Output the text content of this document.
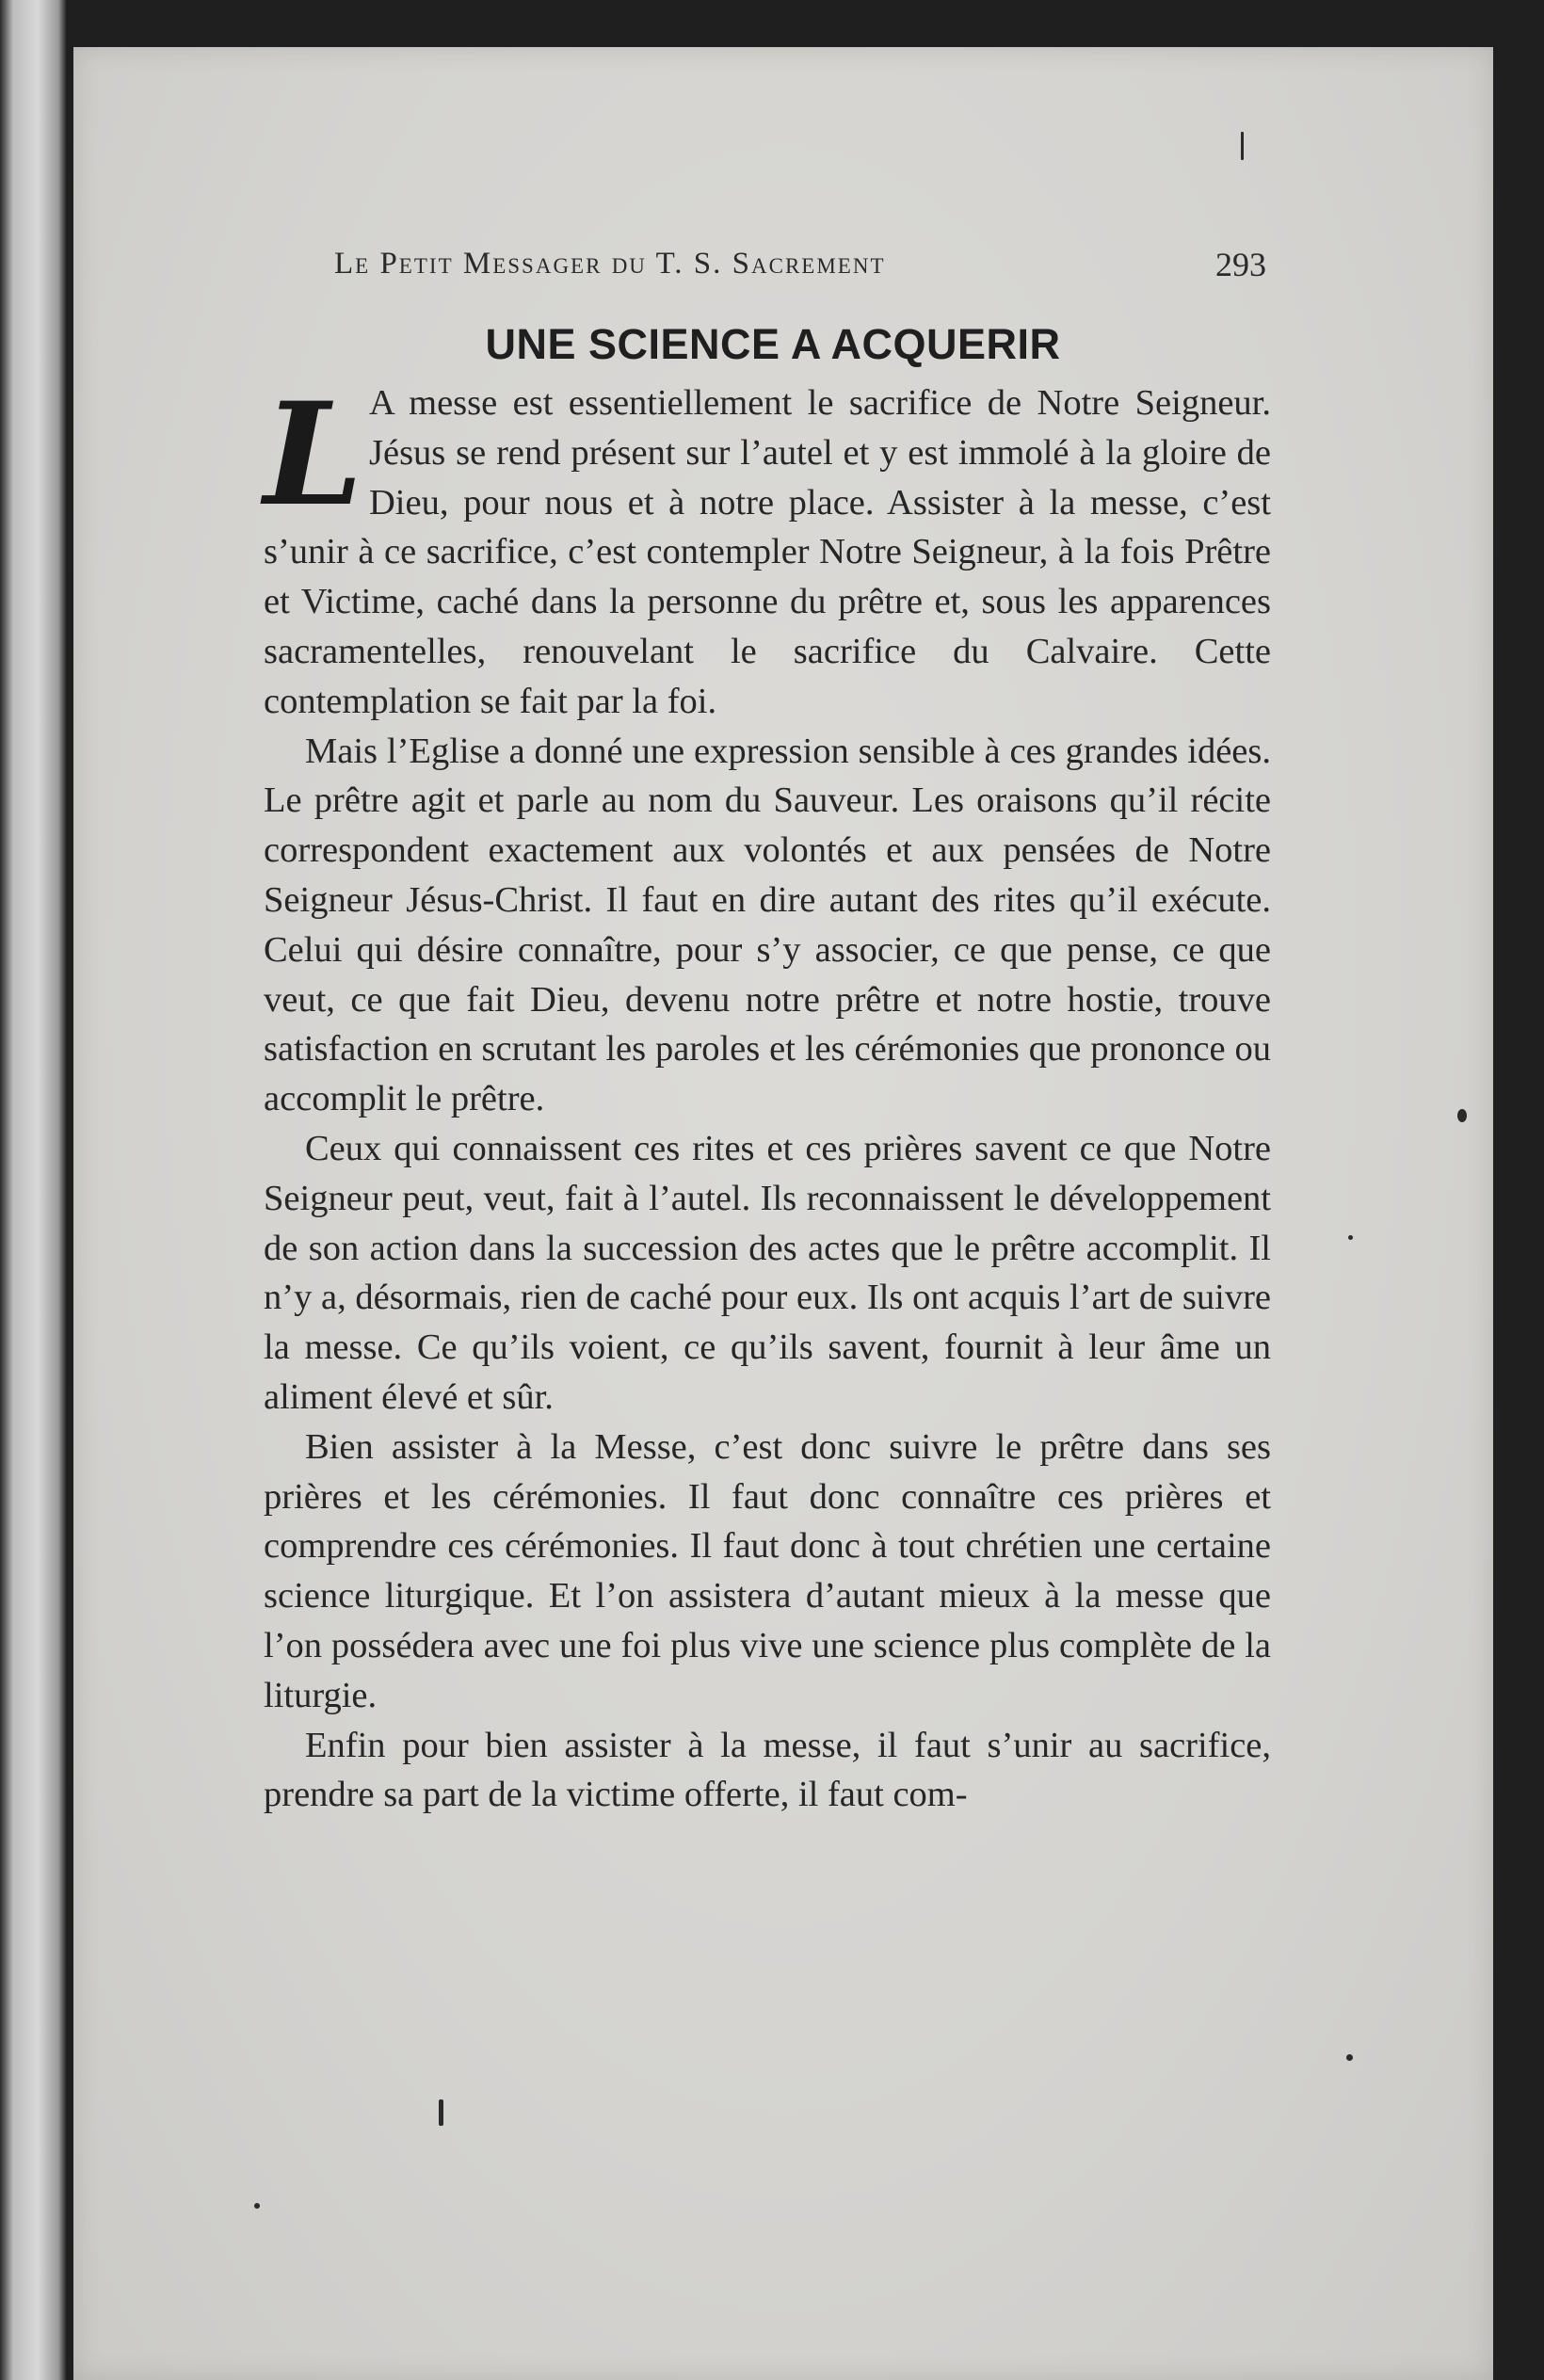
Le Petit Messager du T. S. Sacrement	293
UNE SCIENCE A ACQUERIR

L A messe est essentiellement le sacrifice de Notre Seigneur. Jésus se rend présent sur l’autel et y est immolé à la gloire de Dieu, pour nous et à notre place. Assister à la messe, c’est s’unir à ce sacrifice, c’est contempler Notre Seigneur, à la fois Prêtre et Victime, caché dans la personne du prêtre et, sous les apparences sacramentelles, renouvelant le sacrifice du Calvaire. Cette contemplation se fait par la foi.

Mais l’Eglise a donné une expression sensible à ces grandes idées. Le prêtre agit et parle au nom du Sauveur. Les oraisons qu’il récite correspondent exactement aux volontés et aux pensées de Notre Seigneur Jésus-Christ. Il faut en dire autant des rites qu’il exécute. Celui qui désire connaître, pour s’y associer, ce que pense, ce que veut, ce que fait Dieu, devenu notre prêtre et notre hostie, trouve satisfaction en scrutant les paroles et les cérémonies que prononce ou accomplit le prêtre.

Ceux qui connaissent ces rites et ces prières savent ce que Notre Seigneur peut, veut, fait à l’autel. Ils reconnaissent le développement de son action dans la succession des actes que le prêtre accomplit. Il n’y a, désormais, rien de caché pour eux. Ils ont acquis l’art de suivre la messe. Ce qu’ils voient, ce qu’ils savent, fournit à leur âme un aliment élevé et sûr.

Bien assister à la Messe, c’est donc suivre le prêtre dans ses prières et les cérémonies. Il faut donc connaître ces prières et comprendre ces cérémonies. Il faut donc à tout chrétien une certaine science liturgique. Et l’on assistera d’autant mieux à la messe que l’on possédera avec une foi plus vive une science plus complète de la liturgie.

Enfin pour bien assister à la messe, il faut s’unir au sacrifice, prendre sa part de la victime offerte, il faut com-
